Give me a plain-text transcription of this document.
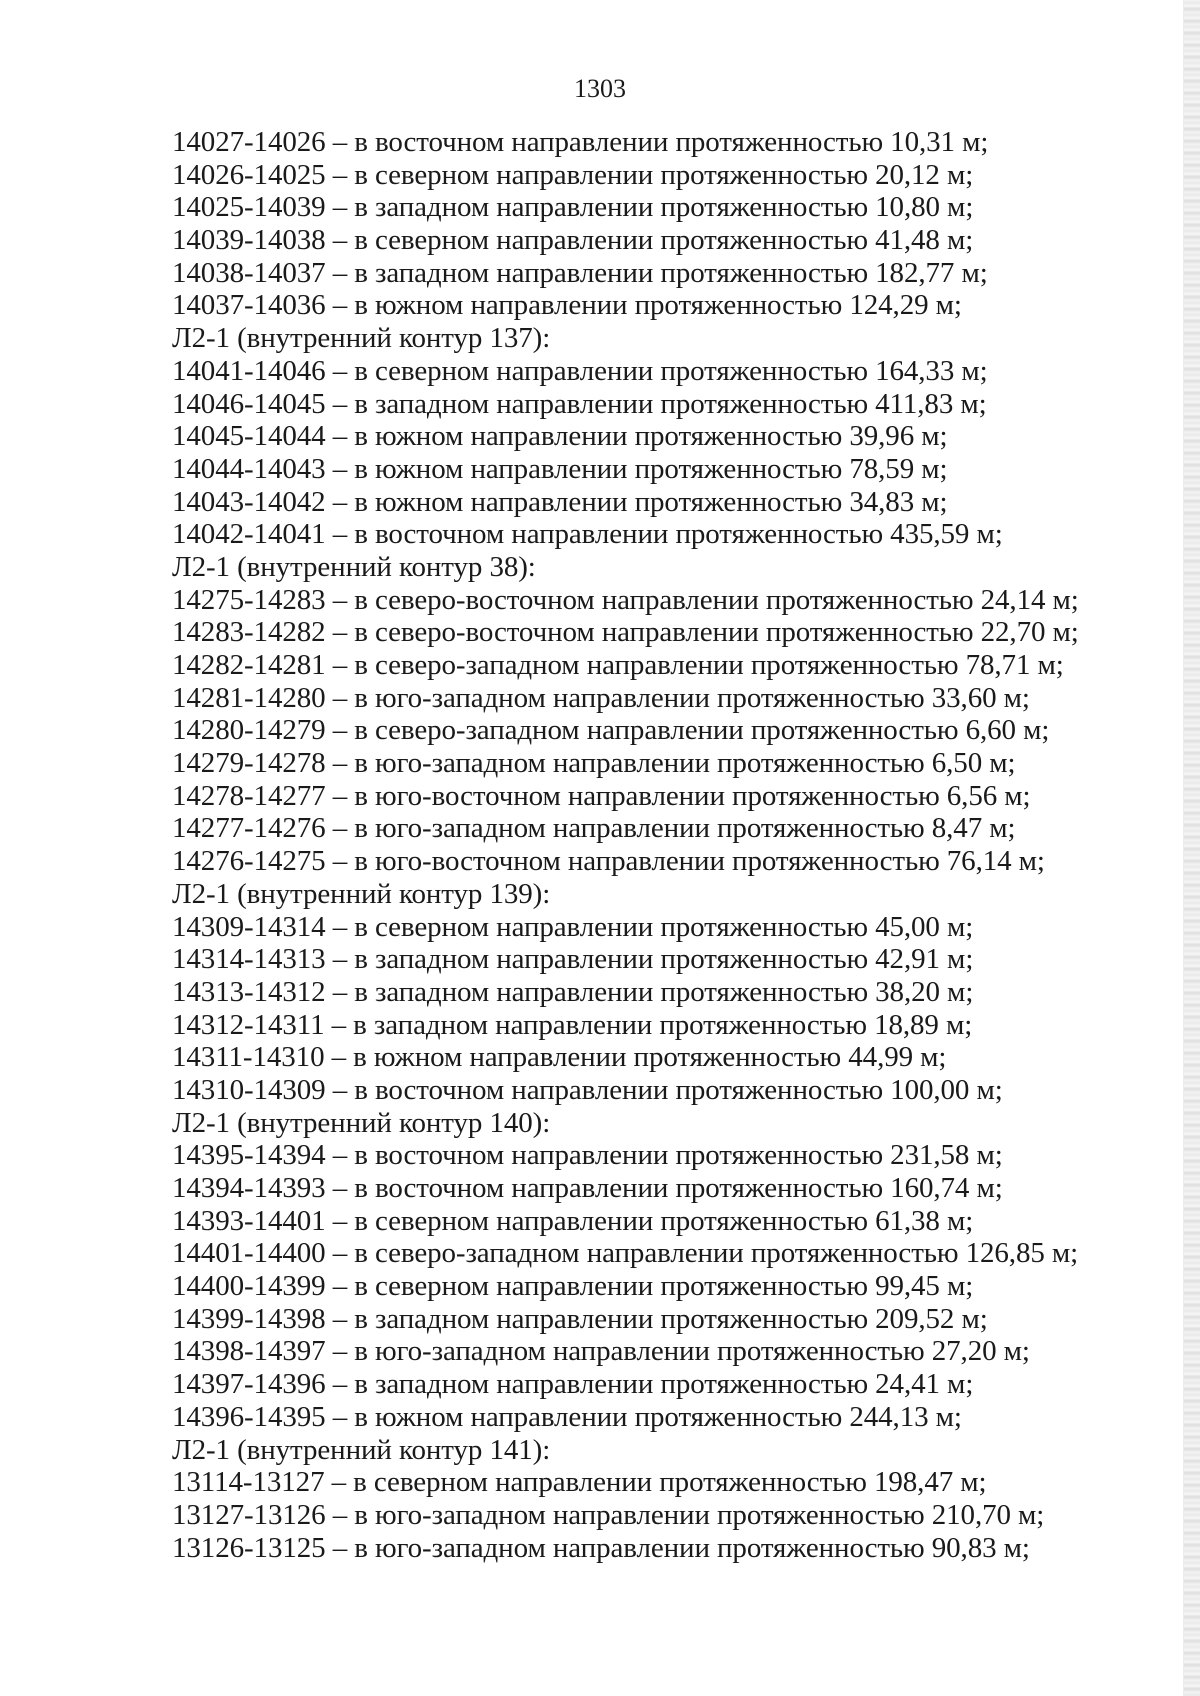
1303
14027-14026 – в восточном направлении протяженностью 10,31 м;
14026-14025 – в северном направлении протяженностью 20,12 м;
14025-14039 – в западном направлении протяженностью 10,80 м;
14039-14038 – в северном направлении протяженностью 41,48 м;
14038-14037 – в западном направлении протяженностью 182,77 м;
14037-14036 – в южном направлении протяженностью 124,29 м;
Л2-1 (внутренний контур 137):
14041-14046 – в северном направлении протяженностью 164,33 м;
14046-14045 – в западном направлении протяженностью 411,83 м;
14045-14044 – в южном направлении протяженностью 39,96 м;
14044-14043 – в южном направлении протяженностью 78,59 м;
14043-14042 – в южном направлении протяженностью 34,83 м;
14042-14041 – в восточном направлении протяженностью 435,59 м;
Л2-1 (внутренний контур 38):
14275-14283 – в северо-восточном направлении протяженностью 24,14 м;
14283-14282 – в северо-восточном направлении протяженностью 22,70 м;
14282-14281 – в северо-западном направлении протяженностью 78,71 м;
14281-14280 – в юго-западном направлении протяженностью 33,60 м;
14280-14279 – в северо-западном направлении протяженностью 6,60 м;
14279-14278 – в юго-западном направлении протяженностью 6,50 м;
14278-14277 – в юго-восточном направлении протяженностью 6,56 м;
14277-14276 – в юго-западном направлении протяженностью 8,47 м;
14276-14275 – в юго-восточном направлении протяженностью 76,14 м;
Л2-1 (внутренний контур 139):
14309-14314 – в северном направлении протяженностью 45,00 м;
14314-14313 – в западном направлении протяженностью 42,91 м;
14313-14312 – в западном направлении протяженностью 38,20 м;
14312-14311 – в западном направлении протяженностью 18,89 м;
14311-14310 – в южном направлении протяженностью 44,99 м;
14310-14309 – в восточном направлении протяженностью 100,00 м;
Л2-1 (внутренний контур 140):
14395-14394 – в восточном направлении протяженностью 231,58 м;
14394-14393 – в восточном направлении протяженностью 160,74 м;
14393-14401 – в северном направлении протяженностью 61,38 м;
14401-14400 – в северо-западном направлении протяженностью 126,85 м;
14400-14399 – в северном направлении протяженностью 99,45 м;
14399-14398 – в западном направлении протяженностью 209,52 м;
14398-14397 – в юго-западном направлении протяженностью 27,20 м;
14397-14396 – в западном направлении протяженностью 24,41 м;
14396-14395 – в южном направлении протяженностью 244,13 м;
Л2-1 (внутренний контур 141):
13114-13127 – в северном направлении протяженностью 198,47 м;
13127-13126 – в юго-западном направлении протяженностью 210,70 м;
13126-13125 – в юго-западном направлении протяженностью 90,83 м;
